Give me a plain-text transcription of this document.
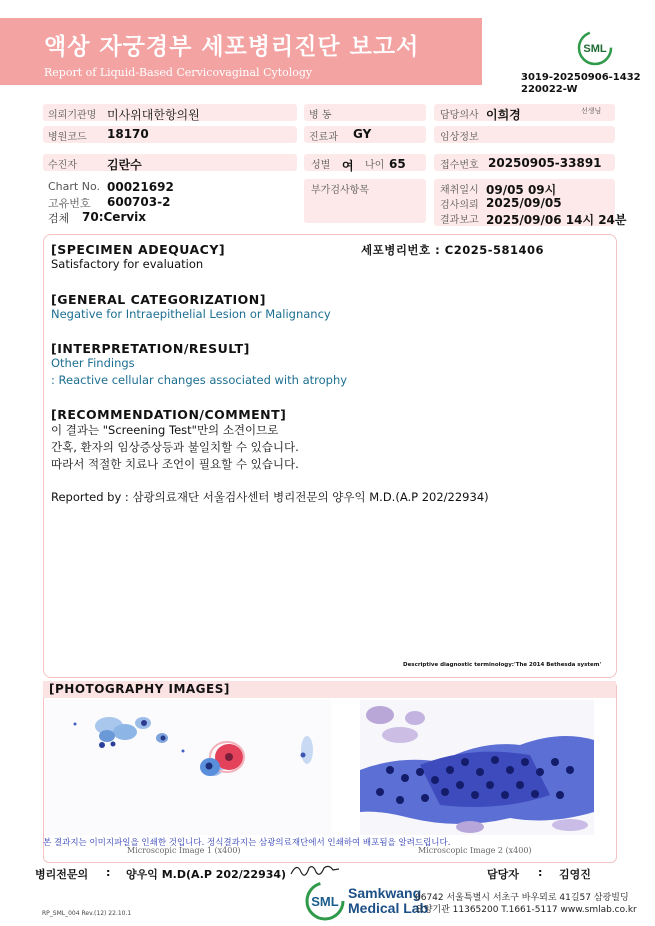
액상 자궁경부 세포병리진단 보고서
Report of Liquid-Based Cervicovaginal Cytology
SML
3019-20250906-1432
220022-W
의뢰기관명 미사위대한항의원	병 동	담당의사 이희경	선생님
병원코드 18170	진료과 GY	임상정보
수진자	김란수	성별 여 나이 65	접수번호 20250905-33891
Chart No. 00021692
고유번호 600703-2
검체 70:Cervix
부가검사항목	채취일시 09/05 09시
검사의뢰 2025/09/05
결과보고 2025/09/06 14시 24분
[SPECIMEN ADEQUACY]
Satisfactory for evaluation
세포병리번호 : C2025-581406
[GENERAL CATEGORIZATION]
Negative for Intraepithelial Lesion or Malignancy
[INTERPRETATION/RESULT]
Other Findings
: Reactive cellular changes associated with atrophy
[RECOMMENDATION/COMMENT]
이 결과는 "Screening Test"만의 소견이므로
간혹, 환자의 임상증상등과 불일치할 수 있습니다.
따라서 적절한 치료나 조언이 필요할 수 있습니다.
Reported by : 삼광의료재단 서울검사센터 병리전문의 양우익 M.D.(A.P 202/22934)
Descriptive diagnostic terminology:'The 2014 Bethesda system'
[PHOTOGRAPHY IMAGES]
본 결과지는 이미지파일을 인쇄한 것입니다. 정식결과지는 삼광의료재단에서 인쇄하여 배포됨을 알려드립니다.
Microscopic Image 1 (x400)	Microscopic Image 2 (x400)
병리전문의 : 양우익 M.D(A.P 202/22934)	담당자 : 김영진
SML
Samkwang
Medical Lab
06742 서울특별시 서초구 바우뫼로 41길57 삼광빌딩
요양기관 11365200 T.1661-5117 www.smlab.co.kr
RP_SML_004 Rev.(12) 22.10.1
